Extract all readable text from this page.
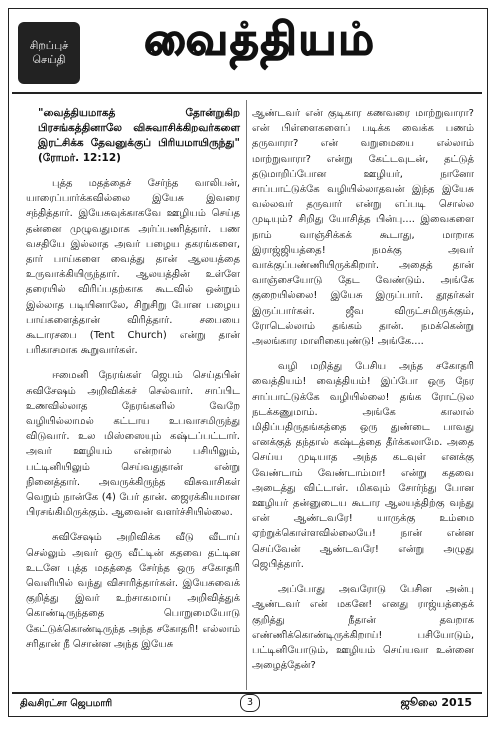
சிறப்புச்
செய்தி	வைத்தியம்

"வைத்தியமாகத் தோன்றுகிற பிரசங்கத்தினாலே விசுவாசிக்கிறவர்களை இரட்சிக்க தேவனுக்குப் பிரியமாயிருந்து" (ரோமர். 12:12)

புத்த மதத்தைச் சேர்ந்த வாலிபன், யாரைப்பார்க்கவில்லை இயேசு இவரை சந்தித்தார். இயேசுவுக்காகவே ஊழியம் செய்த தன்னை முழுவதுமாக அர்ப்பணித்தார். பண வசதியே இல்லாத அவர் பழைய தகரங்களை, தார் பாய்களை வைத்து தான் ஆலயத்தை உருவாக்கியிருந்தார். ஆலயத்தின் உள்ளே தரையில் விரிப்பதற்காக கூடவில் ஒன்றும் இல்லாத படியினாலே, சிறுசிறு போன பழைய பாய்களைத்தான் விரித்தார். சபையை கூடாரசபை (Tent Church) என்று தான் பரிகாசமாக கூறுவார்கள்.

ஈமைனி நேரங்கள் ஜெபம் செய்தபின் சுவிசேஷம் அறிவிக்கச் செல்வார். சாப்பிட உணவில்லாத நேரங்களில் வேறே வழியில்லாமல் கட்டாய உபவாசமிருந்து விடுவார். உல மிஸ்ஸையும் கஷ்டப்பட்டார். அவர் ஊழியம் என்றால் பசியிலும், பட்டினியிலும் செய்வதுதான் என்று நினைத்தார். அவருக்கிருந்த விசுவாசிகள் வெறும் நான்கே (4) பேர் தான். ஜைரக்கியமான பிரசங்கிமிருக்கும். ஆவைன் வளர்ச்சியில்லை.

சுவிசேஷம் அறிவிக்க வீடு வீடாய் செல்லும் அவர் ஒரு வீட்டின் கதவை தட்டின உடனே புத்த மதத்தை சேர்ந்த ஒரு சகோதரி வெளியில் வந்து விசாரித்தார்கள். இயேசுவைக் குறித்து இவர் உற்சாகமாய் அறிவித்துக் கொண்டிருந்ததை பொறுமையோடு கேட்டுக்கொண்டிருந்த அந்த சகோதரி! எல்லாம் சரிதான் நீ சொன்ன அந்த இயேசு

ஆண்டவர் என் குடிகார கணவரை மாற்றுவாரா? என் பிள்ளைகளைப் படிக்க வைக்க பணம் தருவாரா? என் வறுமையை எல்லாம் மாற்றுவாரா? என்று கேட்டவுடன், தட்டுத் தடுமாறிப்போன ஊழியர், நானோ சாப்பாட்டுக்கே வழியில்லாதவன் இந்த இயேசு வல்லவர் தருவார் என்று எப்படி சொல்ல முடியும்? சிறிது யோசித்த பின்பு.... இவைகளை நாம் வாஞ்சிக்கக் கூடாது, மாறாக இராஜ்ஜியத்தை! நமக்கு அவர் வாக்குப்பண்ணியிருக்கிறார். அதைத் தான் வாஞ்சையோடு தேட வேண்டும். அங்கே குறையில்லை! இயேசு இருப்பார். தூதர்கள் இருப்பார்கள். ஜீவ விருட்சமிருக்கும், ரோடெல்லாம் தங்கம் தான். நமக்கென்று அலங்கார மாளிகையுண்டு! அங்கே....

வழி மறித்து பேசிய அந்த சகோதரி வைத்தியம்! வைத்தியம்! இப்போ ஒரு நேர சாப்பாட்டுக்கே வழியில்லை! தங்க ரோட்டுல நடக்கணுமாம். அங்கே காலால் மிதிப்பதிருதங்கத்தை ஒரு துண்டை பாவது எனக்குத் தந்தால் கஷ்டத்தை தீர்க்கலாமே. அதை செய்ய முடியாத அந்த கடவுள் எனக்கு வேண்டாம் வேண்டாம்மா! என்று கதவை அடைத்து விட்டாள். மிகவும் சோர்ந்து போன ஊழியர் தன்னுடைய கூடார ஆலயத்திற்கு வந்து என் ஆண்டவரே! யாருக்கு உம்மை ஏற்றுக்கொள்ளவில்லையே! நான் என்ன செய்வேன் ஆண்டவரே! என்று அழுது ஜெபித்தார்.

அப்போது அவரோடு பேசின அன்பு ஆண்டவர் என் மகனே! எனது ராஜ்யத்தைக் குறித்து நீதான் தவறாக எண்ணிக்கொண்டிருக்கிறாய்! பசியோடும், பட்டினியோடும், ஊழியம் செய்யவா உன்னை அழைத்தேன்?

திவசிரட்சா ஜெபமாரி	3	ஜூலை 2015
